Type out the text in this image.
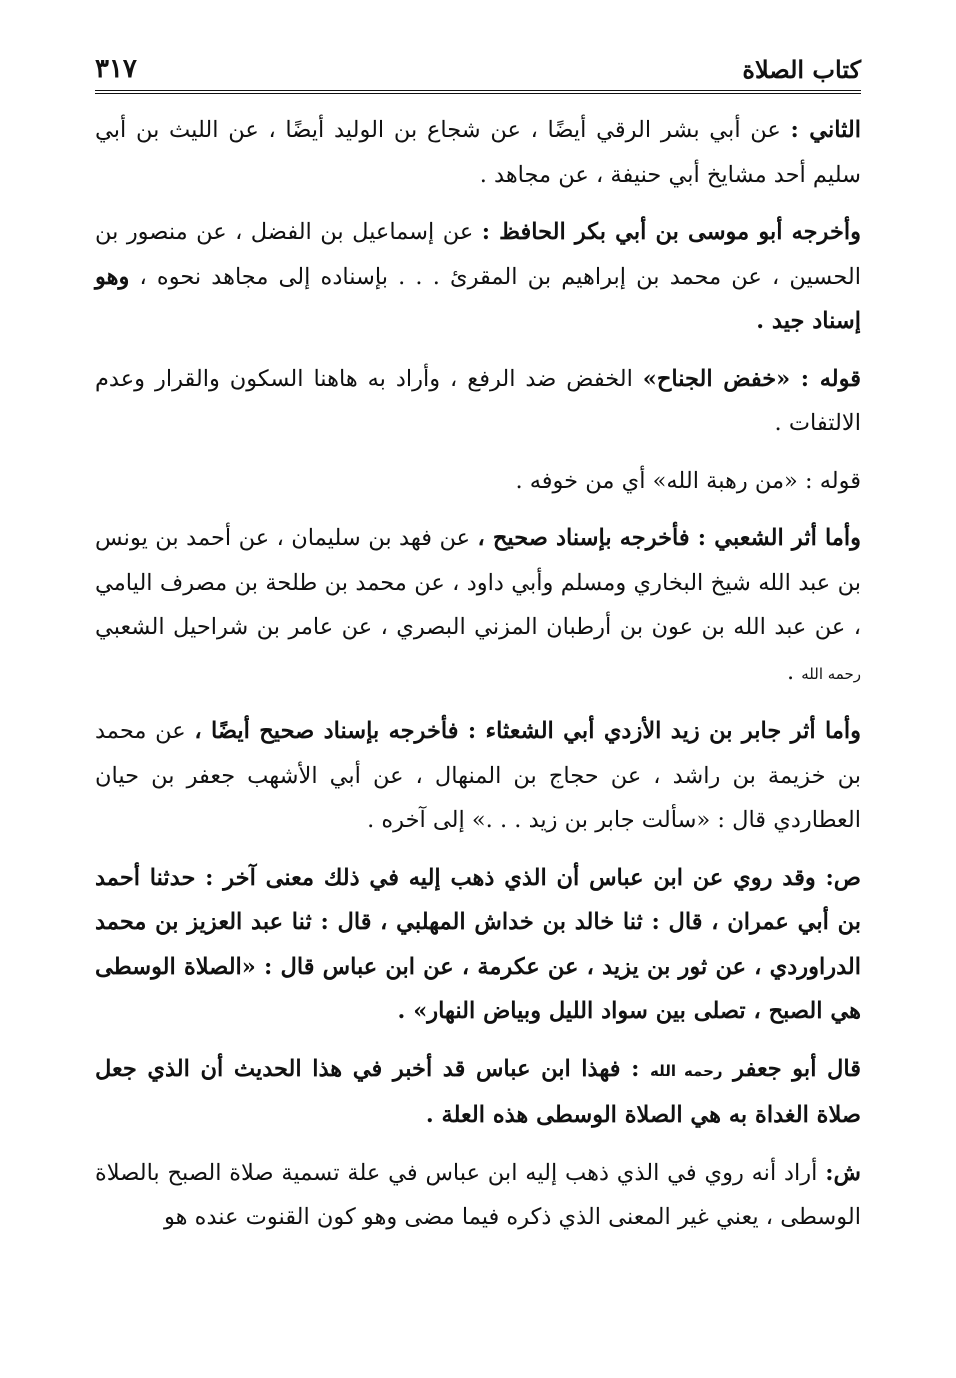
كتاب الصلاة
٣١٧

الثاني : عن أبي بشر الرقي أيضًا ، عن شجاع بن الوليد أيضًا ، عن الليث بن أبي سليم أحد مشايخ أبي حنيفة ، عن مجاهد .

وأخرجه أبو موسى بن أبي بكر الحافظ : عن إسماعيل بن الفضل ، عن منصور بن الحسين ، عن محمد بن إبراهيم بن المقرئ . . . بإسناده إلى مجاهد نحوه ، وهو إسناد جيد .

قوله : «خفض الجناح» الخفض ضد الرفع ، وأراد به هاهنا السكون والقرار وعدم الالتفات .

قوله : «من رهبة الله» أي من خوفه .

وأما أثر الشعبي : فأخرجه بإسناد صحيح ، عن فهد بن سليمان ، عن أحمد بن يونس بن عبد الله شيخ البخاري ومسلم وأبي داود ، عن محمد بن طلحة بن مصرف اليامي ، عن عبد الله بن عون بن أرطبان المزني البصري ، عن عامر بن شراحيل الشعبي رحمه الله .

وأما أثر جابر بن زيد الأزدي أبي الشعثاء : فأخرجه بإسناد صحيح أيضًا ، عن محمد بن خزيمة بن راشد ، عن حجاج بن المنهال ، عن أبي الأشهب جعفر بن حيان العطاردي قال : «سألت جابر بن زيد . . .» إلى آخره .

ص: وقد روي عن ابن عباس أن الذي ذهب إليه في ذلك معنى آخر : حدثنا أحمد بن أبي عمران ، قال : ثنا خالد بن خداش المهلبي ، قال : ثنا عبد العزيز بن محمد الدراوردي ، عن ثور بن يزيد ، عن عكرمة ، عن ابن عباس قال : «الصلاة الوسطى هي الصبح ، تصلى بين سواد الليل وبياض النهار» .

قال أبو جعفر رحمه الله : فهذا ابن عباس قد أخبر في هذا الحديث أن الذي جعل صلاة الغداة به هي الصلاة الوسطى هذه العلة .

ش: أراد أنه روي في الذي ذهب إليه ابن عباس في علة تسمية صلاة الصبح بالصلاة الوسطى ، يعني غير المعنى الذي ذكره فيما مضى وهو كون القنوت عنده هو
